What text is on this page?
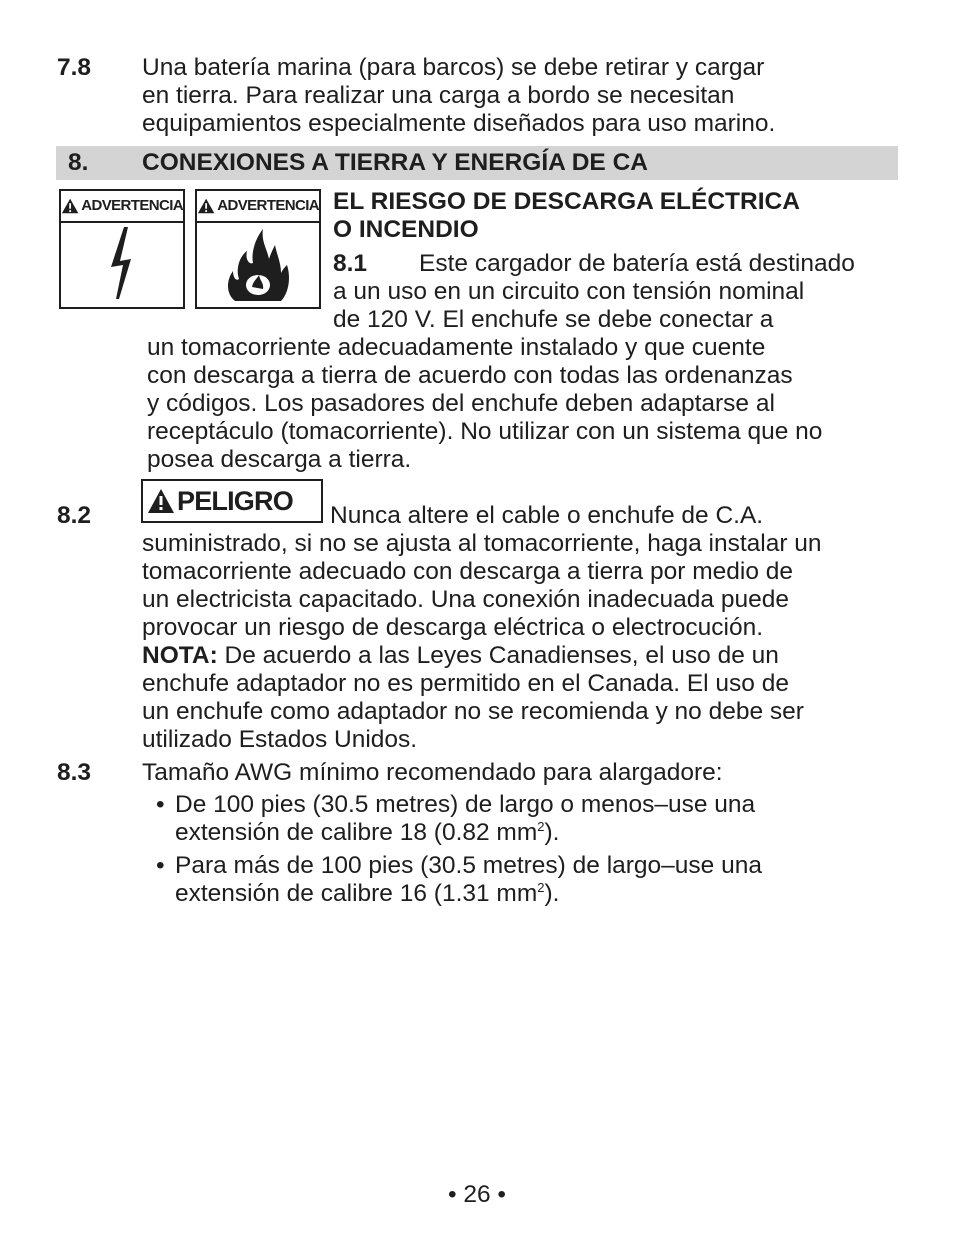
7.8 Una batería marina (para barcos) se debe retirar y cargar
en tierra. Para realizar una carga a bordo se necesitan
equipamientos especialmente diseñados para uso marino.
8. CONEXIONES A TIERRA Y ENERGÍA DE CA
ADVERTENCIA ADVERTENCIA EL RIESGO DE DESCARGA ELÉCTRICA
O INCENDIO
8.1 Este cargador de batería está destinado
a un uso en un circuito con tensión nominal
de 120 V. El enchufe se debe conectar a
un tomacorriente adecuadamente instalado y que cuente
con descarga a tierra de acuerdo con todas las ordenanzas
y códigos. Los pasadores del enchufe deben adaptarse al
receptáculo (tomacorriente). No utilizar con un sistema que no
posea descarga a tierra.
8.2	PELIGRO Nunca altere el cable o enchufe de C.A.
suministrado, si no se ajusta al tomacorriente, haga instalar un
tomacorriente adecuado con descarga a tierra por medio de
un electricista capacitado. Una conexión inadecuada puede
provocar un riesgo de descarga eléctrica o electrocución.
NOTA: De acuerdo a las Leyes Canadienses, el uso de un
enchufe adaptador no es permitido en el Canada. El uso de
un enchufe como adaptador no se recomienda y no debe ser
utilizado Estados Unidos.
8.3 Tamaño AWG mínimo recomendado para alargadore:
• De 100 pies (30.5 metres) de largo o menos–use una
extensión de calibre 18 (0.82 $mm^2$).
• Para más de 100 pies (30.5 metres) de largo–use una
extensión de calibre 16 (1.31 $mm^2$).
• 26 •
